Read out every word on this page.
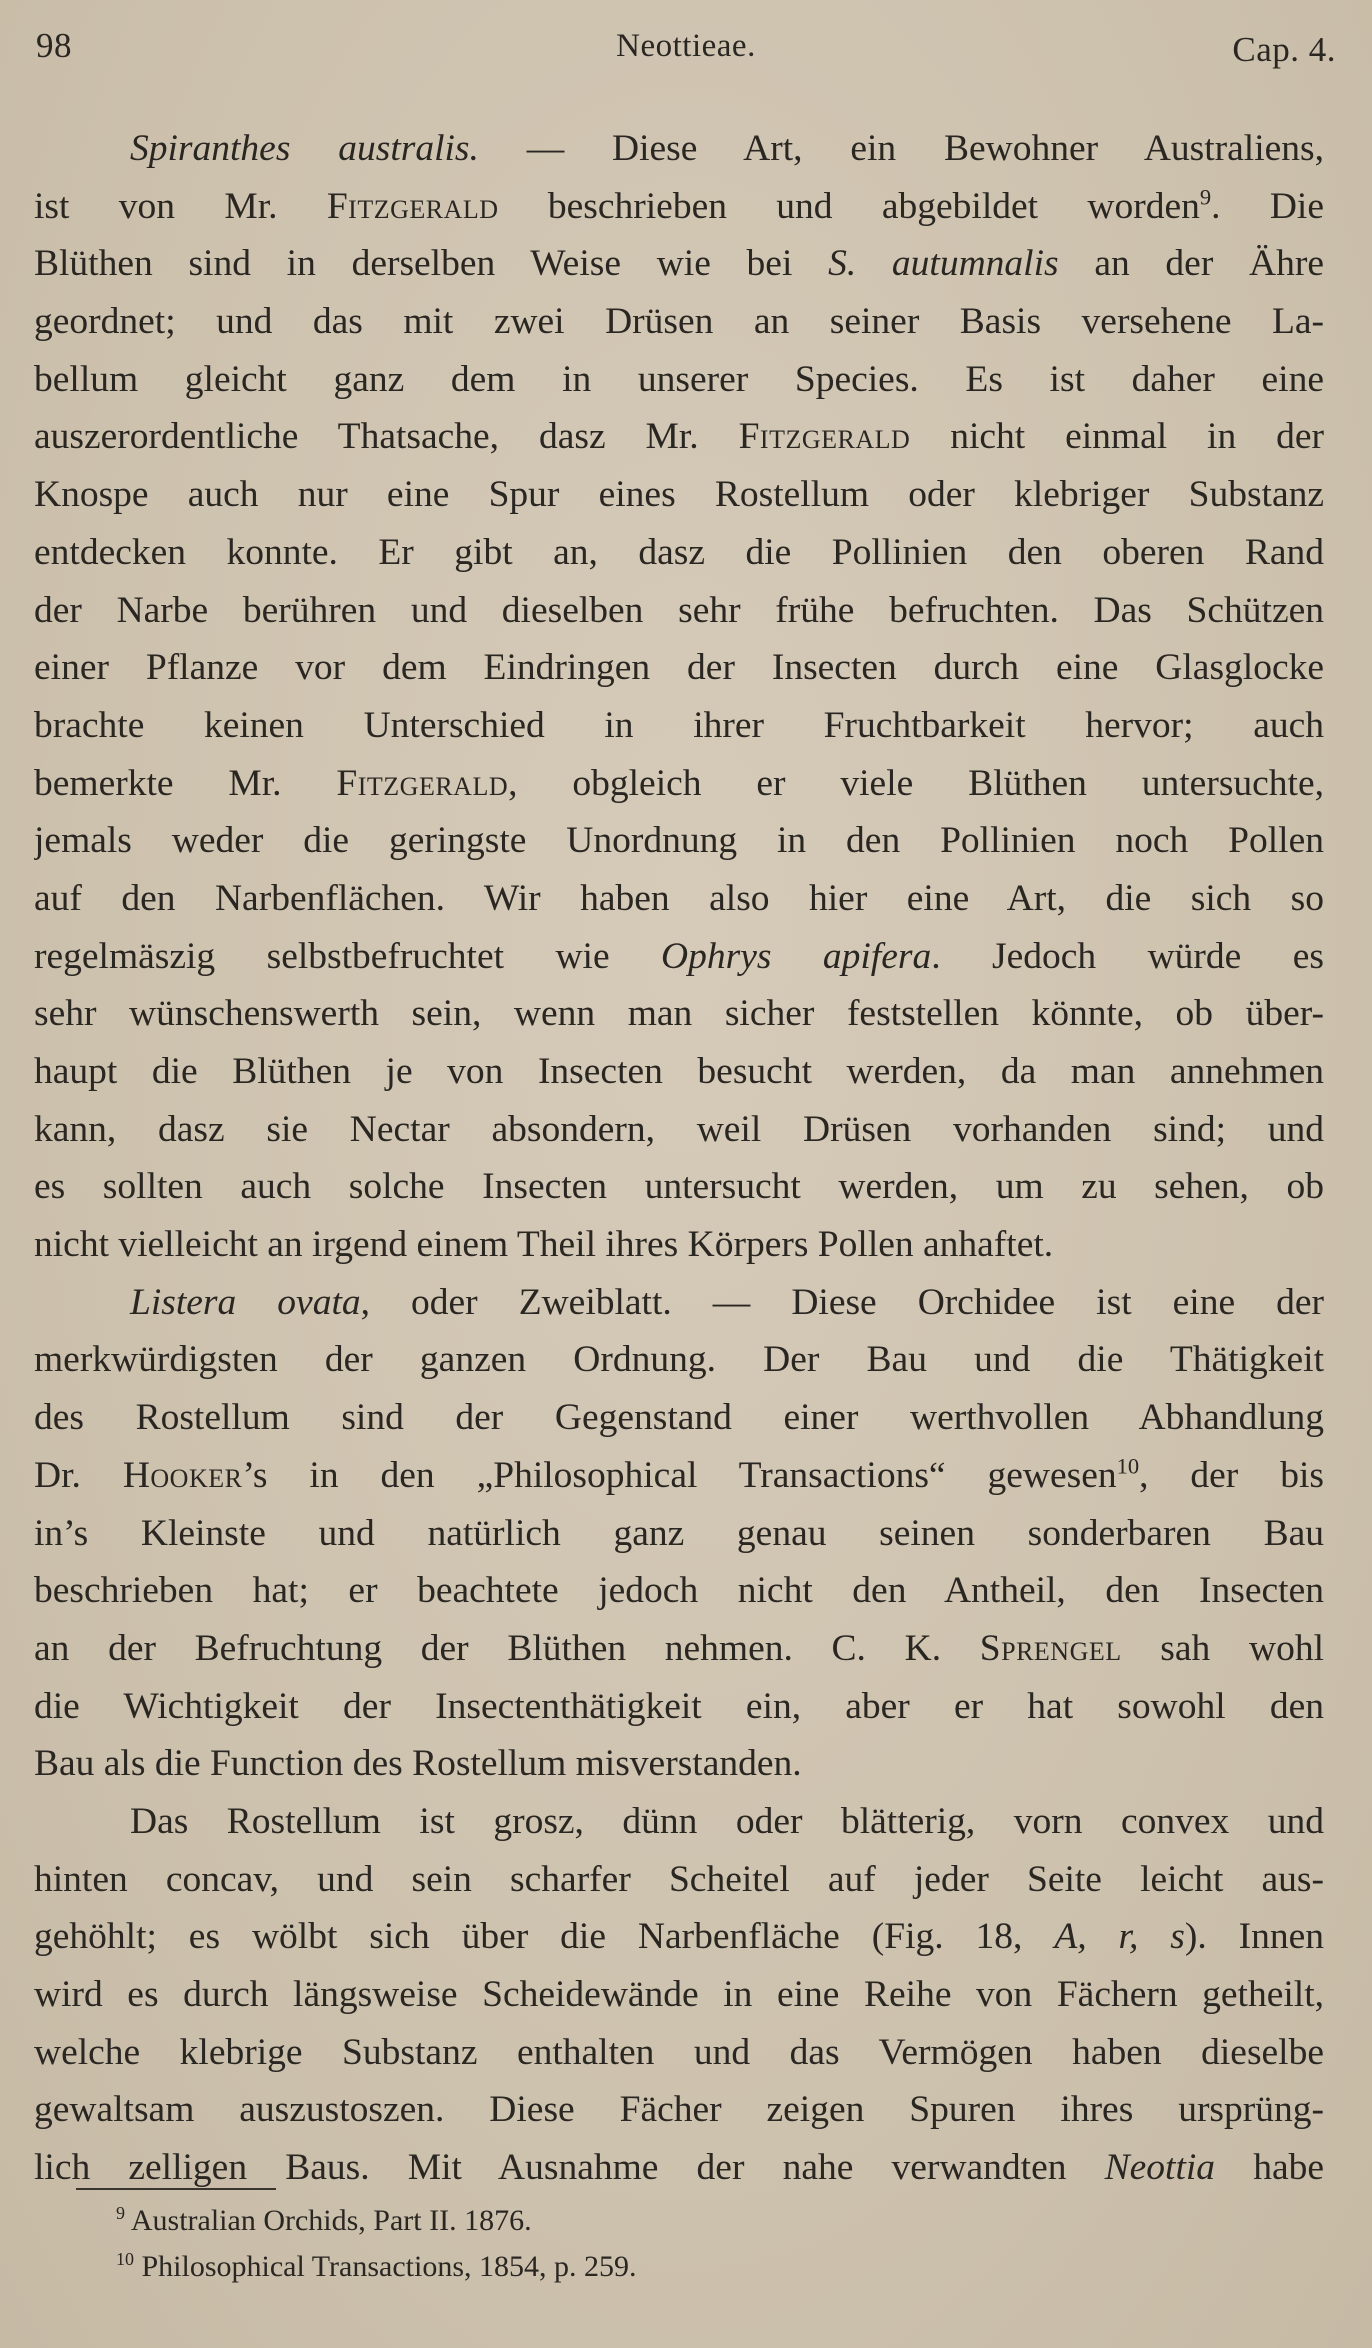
98	Neottieae.	Cap. 4.
Spiranthes australis. — Diese Art, ein Bewohner Australiens,
ist von Mr. Fitzgerald beschrieben und abgebildet worden$^9$. Die
Blüthen sind in derselben Weise wie bei S. autumnalis an der Ähre
geordnet; und das mit zwei Drüsen an seiner Basis versehene La-
bellum gleicht ganz dem in unserer Species. Es ist daher eine
auszerordentliche Thatsache, dasz Mr. Fitzgerald nicht einmal in der
Knospe auch nur eine Spur eines Rostellum oder klebriger Substanz
entdecken konnte. Er gibt an, dasz die Pollinien den oberen Rand
der Narbe berühren und dieselben sehr frühe befruchten. Das Schützen
einer Pflanze vor dem Eindringen der Insecten durch eine Glasglocke
brachte keinen Unterschied in ihrer Fruchtbarkeit hervor; auch
bemerkte Mr. Fitzgerald, obgleich er viele Blüthen untersuchte,
jemals weder die geringste Unordnung in den Pollinien noch Pollen
auf den Narbenflächen. Wir haben also hier eine Art, die sich so
regelmäszig selbstbefruchtet wie Ophrys apifera. Jedoch würde es
sehr wünschenswerth sein, wenn man sicher feststellen könnte, ob über-
haupt die Blüthen je von Insecten besucht werden, da man annehmen
kann, dasz sie Nectar absondern, weil Drüsen vorhanden sind; und
es sollten auch solche Insecten untersucht werden, um zu sehen, ob
nicht vielleicht an irgend einem Theil ihres Körpers Pollen anhaftet.
Listera ovata, oder Zweiblatt. — Diese Orchidee ist eine der
merkwürdigsten der ganzen Ordnung. Der Bau und die Thätigkeit
des Rostellum sind der Gegenstand einer werthvollen Abhandlung
Dr. Hooker’s in den „Philosophical Transactions“ gewesen$^{10}$, der bis
in’s Kleinste und natürlich ganz genau seinen sonderbaren Bau
beschrieben hat; er beachtete jedoch nicht den Antheil, den Insecten
an der Befruchtung der Blüthen nehmen. C. K. Sprengel sah wohl
die Wichtigkeit der Insectenthätigkeit ein, aber er hat sowohl den
Bau als die Function des Rostellum misverstanden.
Das Rostellum ist grosz, dünn oder blätterig, vorn convex und
hinten concav, und sein scharfer Scheitel auf jeder Seite leicht aus-
gehöhlt; es wölbt sich über die Narbenfläche (Fig. 18, A, r, s). Innen
wird es durch längsweise Scheidewände in eine Reihe von Fächern getheilt,
welche klebrige Substanz enthalten und das Vermögen haben dieselbe
gewaltsam auszustoszen. Diese Fächer zeigen Spuren ihres ursprüng-
lich zelligen Baus. Mit Ausnahme der nahe verwandten Neottia habe
$^9$ Australian Orchids, Part II. 1876.
$^{10}$ Philosophical Transactions, 1854, p. 259.
